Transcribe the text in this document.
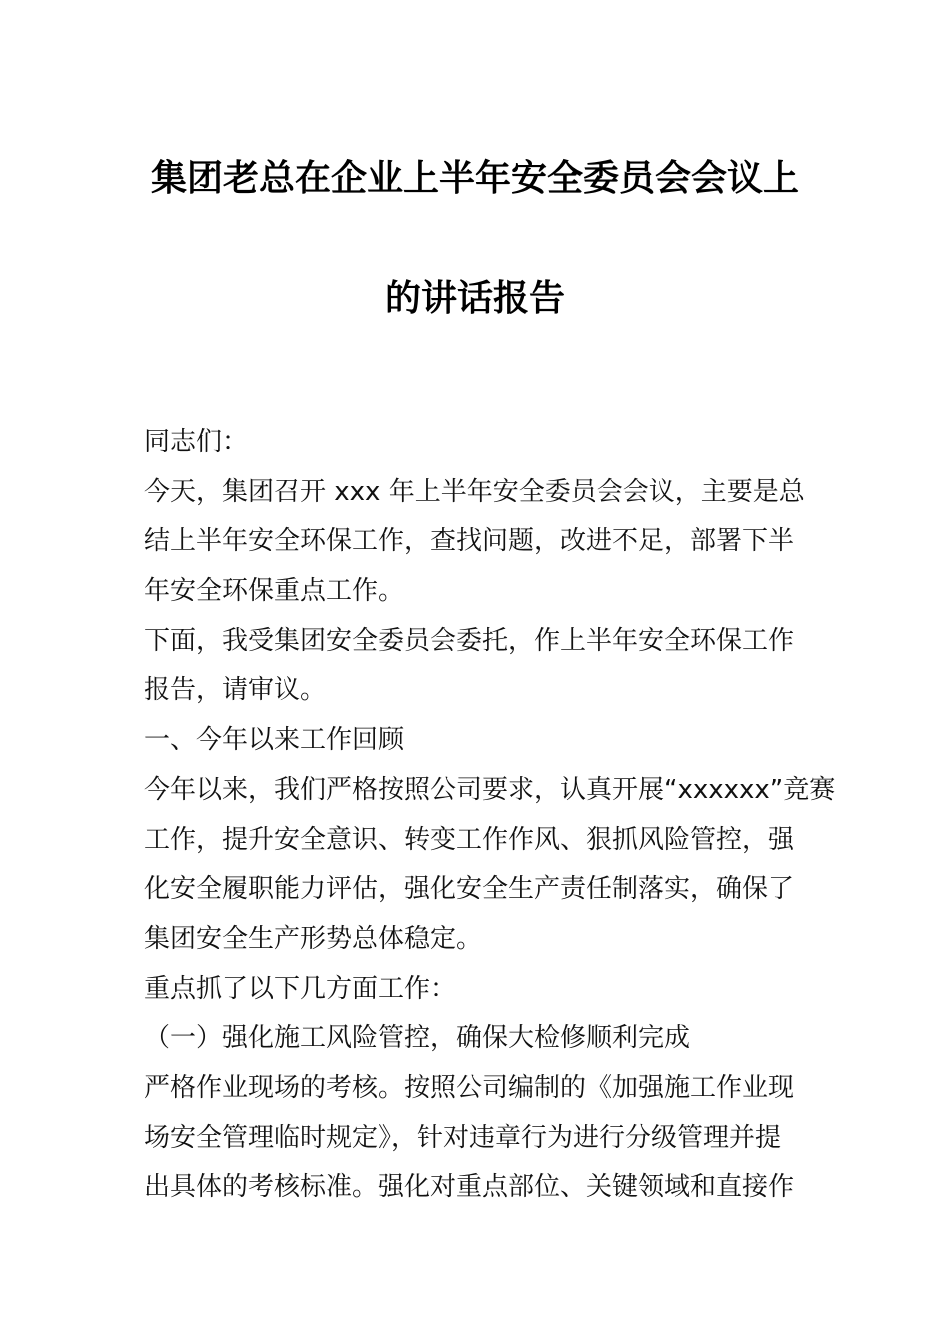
集团老总在企业上半年安全委员会会议上
的讲话报告
同志们：
今天，集团召开 xxx 年上半年安全委员会会议，主要是总
结上半年安全环保工作，查找问题，改进不足，部署下半
年安全环保重点工作。
下面，我受集团安全委员会委托，作上半年安全环保工作
报告，请审议。
一、今年以来工作回顾
今年以来，我们严格按照公司要求，认真开展“xxxxxx”竞赛
工作，提升安全意识、转变工作作风、狠抓风险管控，强
化安全履职能力评估，强化安全生产责任制落实，确保了
集团安全生产形势总体稳定。
重点抓了以下几方面工作：
（一）强化施工风险管控，确保大检修顺利完成
严格作业现场的考核。按照公司编制的《加强施工作业现
场安全管理临时规定》，针对违章行为进行分级管理并提
出具体的考核标准。强化对重点部位、关键领域和直接作
